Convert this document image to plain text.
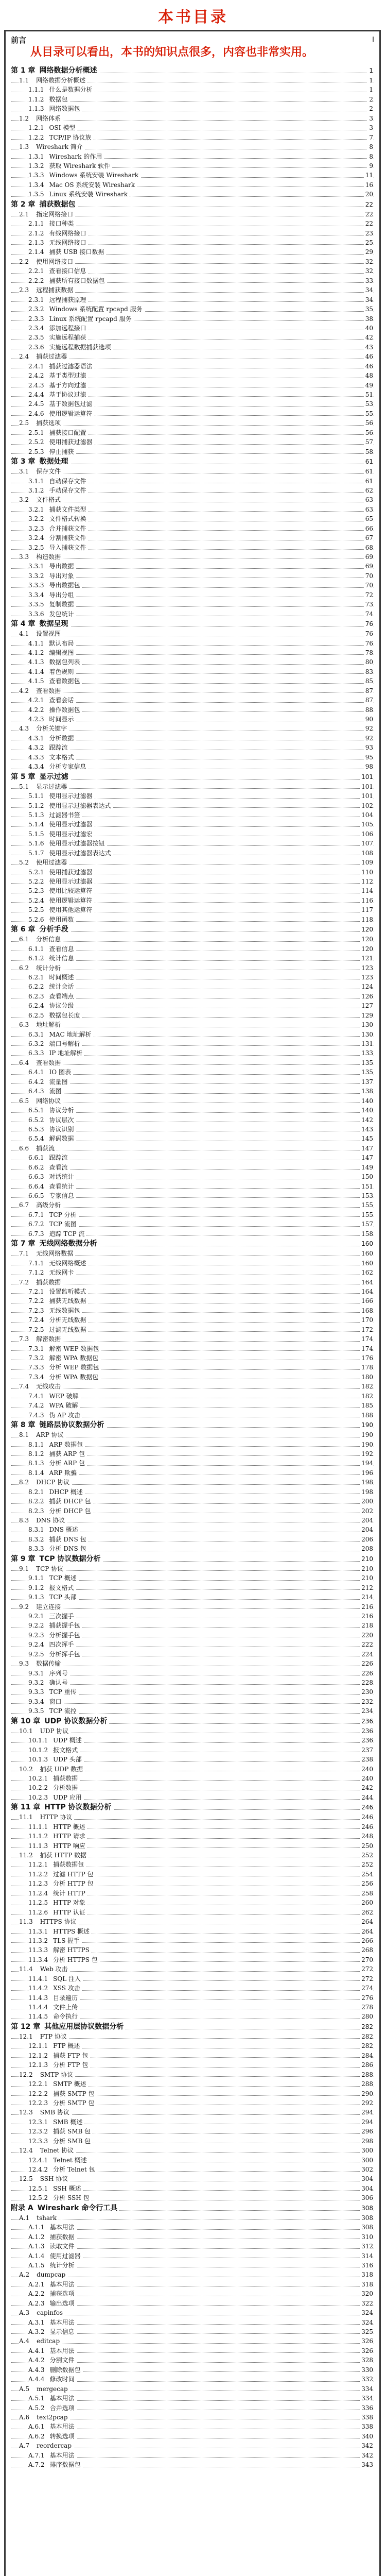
本书目录
前言	I
从目录可以看出，本书的知识点很多，内容也非常实用。
第 1 章 网络数据分析概述	1
1.1 网络数据分析概述	1
1.1.1 什么是数据分析	1
1.1.2 数据包	2
1.1.3 网络数据包	2
1.2 网络体系	3
1.2.1 OSI 模型	3
1.2.2 TCP/IP 协议族	7
1.3 Wireshark 简介	8
1.3.1 Wireshark 的作用	8
1.3.2 获取 Wireshark 软件	9
1.3.3 Windows 系统安装 Wireshark	11
1.3.4 Mac OS 系统安装 Wireshark	16
1.3.5 Linux 系统安装 Wireshark	20
第 2 章 捕获数据包	22
2.1 指定网络接口	22
2.1.1 接口种类	22
2.1.2 有线网络接口	23
2.1.3 无线网络接口	25
2.1.4 捕获 USB 接口数据	29
2.2 使用网络接口	32
2.2.1 查看接口信息	32
2.2.2 捕获所有接口数据包	33
2.3 远程捕获数据	34
2.3.1 远程捕获原理	34
2.3.2 Windows 系统配置 rpcapd 服务	35
2.3.3 Linux 系统配置 rpcapd 服务	38
2.3.4 添加远程接口	40
2.3.5 实施远程捕获	42
2.3.6 实施远程数据捕获选项	43
2.4 捕获过滤器	46
2.4.1 捕获过滤器语法	46
2.4.2 基于类型过滤	48
2.4.3 基于方向过滤	49
2.4.4 基于协议过滤	51
2.4.5 基于数据包过滤	53
2.4.6 使用逻辑运算符	55
2.5 捕获选项	56
2.5.1 捕获接口配置	56
2.5.2 使用捕获过滤器	57
2.5.3 停止捕获	58
第 3 章 数据处理	61
3.1 保存文件	61
3.1.1 自动保存文件	61
3.1.2 手动保存文件	62
3.2 文件格式	63
3.2.1 捕获文件类型	63
3.2.2 文件格式转换	65
3.2.3 合并捕获文件	66
3.2.4 分割捕获文件	67
3.2.5 导入捕获文件	68
3.3 构造数据	69
3.3.1 导出数据	69
3.3.2 导出对象	70
3.3.3 导出数据包	70
3.3.4 导出分组	72
3.3.5 复制数据	73
3.3.6 发包统计	74
第 4 章 数据呈现	76
4.1 设置视图	76
4.1.1 默认布局	76
4.1.2 编辑视图	78
4.1.3 数据包列表	80
4.1.4 着色规则	83
4.1.5 查看数据包	85
4.2 查看数据	87
4.2.1 查看会话	87
4.2.2 操作数据包	88
4.2.3 时间显示	90
4.3 分析关键字	92
4.3.1 分析数据	92
4.3.2 跟踪流	93
4.3.3 文本格式	95
4.3.4 分析专家信息	98
第 5 章 显示过滤	101
5.1 显示过滤器	101
5.1.1 使用显示过滤器	101
5.1.2 使用显示过滤器表达式	102
5.1.3 过滤器书签	104
5.1.4 使用显示过滤器	105
5.1.5 使用显示过滤宏	106
5.1.6 使用显示过滤器按钮	107
5.1.7 使用显示过滤器表达式	108
5.2 使用过滤器	109
5.2.1 使用捕获过滤器	110
5.2.2 使用显示过滤器	112
5.2.3 使用比较运算符	114
5.2.4 使用逻辑运算符	116
5.2.5 使用其他运算符	117
5.2.6 使用函数	118
第 6 章 分析手段	120
6.1 分析信息	120
6.1.1 查看信息	120
6.1.2 统计信息	121
6.2 统计分析	123
6.2.1 时间概述	123
6.2.2 统计会话	124
6.2.3 查看端点	126
6.2.4 协议分级	127
6.2.5 数据包长度	129
6.3 地址解析	130
6.3.1 MAC 地址解析	130
6.3.2 端口号解析	131
6.3.3 IP 地址解析	133
6.4 查看数据	135
6.4.1 IO 图表	135
6.4.2 流量图	137
6.4.3 流图	138
6.5 网络协议	140
6.5.1 协议分析	140
6.5.2 协议层次	142
6.5.3 协议识别	143
6.5.4 解码数据	145
6.6 捕获流	147
6.6.1 跟踪流	147
6.6.2 查看流	149
6.6.3 对话统计	150
6.6.4 查看统计	151
6.6.5 专家信息	153
6.7 高级分析	155
6.7.1 TCP 分析	155
6.7.2 TCP 流图	157
6.7.3 追踪 TCP 流	158
第 7 章 无线网络数据分析	160
7.1 无线网络数据	160
7.1.1 无线网络概述	160
7.1.2 无线网卡	162
7.2 捕获数据	164
7.2.1 设置监听模式	164
7.2.2 捕获无线数据	166
7.2.3 无线数据包	168
7.2.4 分析无线数据	170
7.2.5 过滤无线数据	172
7.3 解密数据	174
7.3.1 解密 WEP 数据包	174
7.3.2 解密 WPA 数据包	176
7.3.3 分析 WEP 数据包	178
7.3.4 分析 WPA 数据包	180
7.4 无线攻击	182
7.4.1 WEP 破解	182
7.4.2 WPA 破解	185
7.4.3 伪 AP 攻击	188
第 8 章 链路层协议数据分析	190
8.1 ARP 协议	190
8.1.1 ARP 数据包	190
8.1.2 捕获 ARP 包	192
8.1.3 分析 ARP 包	194
8.1.4 ARP 欺骗	196
8.2 DHCP 协议	198
8.2.1 DHCP 概述	198
8.2.2 捕获 DHCP 包	200
8.2.3 分析 DHCP 包	202
8.3 DNS 协议	204
8.3.1 DNS 概述	204
8.3.2 捕获 DNS 包	206
8.3.3 分析 DNS 包	208
第 9 章 TCP 协议数据分析	210
9.1 TCP 协议	210
9.1.1 TCP 概述	210
9.1.2 报文格式	212
9.1.3 TCP 头部	214
9.2 建立连接	216
9.2.1 三次握手	216
9.2.2 捕获握手包	218
9.2.3 分析握手包	220
9.2.4 四次挥手	222
9.2.5 分析挥手包	224
9.3 数据传输	226
9.3.1 序列号	226
9.3.2 确认号	228
9.3.3 TCP 重传	230
9.3.4 窗口	232
9.3.5 TCP 流控	234
第 10 章 UDP 协议数据分析	236
10.1 UDP 协议	236
10.1.1 UDP 概述	236
10.1.2 报文格式	237
10.1.3 UDP 头部	238
10.2 捕获 UDP 数据	240
10.2.1 捕获数据	240
10.2.2 分析数据	242
10.2.3 UDP 应用	244
第 11 章 HTTP 协议数据分析	246
11.1 HTTP 协议	246
11.1.1 HTTP 概述	246
11.1.2 HTTP 请求	248
11.1.3 HTTP 响应	250
11.2 捕获 HTTP 数据	252
11.2.1 捕获数据包	252
11.2.2 过滤 HTTP 包	254
11.2.3 分析 HTTP 包	256
11.2.4 统计 HTTP	258
11.2.5 HTTP 对象	260
11.2.6 HTTP 认证	262
11.3 HTTPS 协议	264
11.3.1 HTTPS 概述	264
11.3.2 TLS 握手	266
11.3.3 解密 HTTPS	268
11.3.4 分析 HTTPS 包	270
11.4 Web 攻击	272
11.4.1 SQL 注入	272
11.4.2 XSS 攻击	274
11.4.3 目录遍历	276
11.4.4 文件上传	278
11.4.5 命令执行	280
第 12 章 其他应用层协议数据分析	282
12.1 FTP 协议	282
12.1.1 FTP 概述	282
12.1.2 捕获 FTP 包	284
12.1.3 分析 FTP 包	286
12.2 SMTP 协议	288
12.2.1 SMTP 概述	288
12.2.2 捕获 SMTP 包	290
12.2.3 分析 SMTP 包	292
12.3 SMB 协议	294
12.3.1 SMB 概述	294
12.3.2 捕获 SMB 包	296
12.3.3 分析 SMB 包	298
12.4 Telnet 协议	300
12.4.1 Telnet 概述	300
12.4.2 分析 Telnet 包	302
12.5 SSH 协议	304
12.5.1 SSH 概述	304
12.5.2 分析 SSH 包	306
附录 A Wireshark 命令行工具	308
A.1 tshark	308
A.1.1 基本用法	308
A.1.2 捕获数据	310
A.1.3 读取文件	312
A.1.4 使用过滤器	314
A.1.5 统计分析	316
A.2 dumpcap	318
A.2.1 基本用法	318
A.2.2 捕获选项	320
A.2.3 输出选项	322
A.3 capinfos	324
A.3.1 基本用法	324
A.3.2 显示信息	325
A.4 editcap	326
A.4.1 基本用法	326
A.4.2 分割文件	328
A.4.3 删除数据包	330
A.4.4 修改时间	332
A.5 mergecap	334
A.5.1 基本用法	334
A.5.2 合并选项	336
A.6 text2pcap	338
A.6.1 基本用法	338
A.6.2 转换选项	340
A.7 reordercap	342
A.7.1 基本用法	342
A.7.2 排序数据包	343
